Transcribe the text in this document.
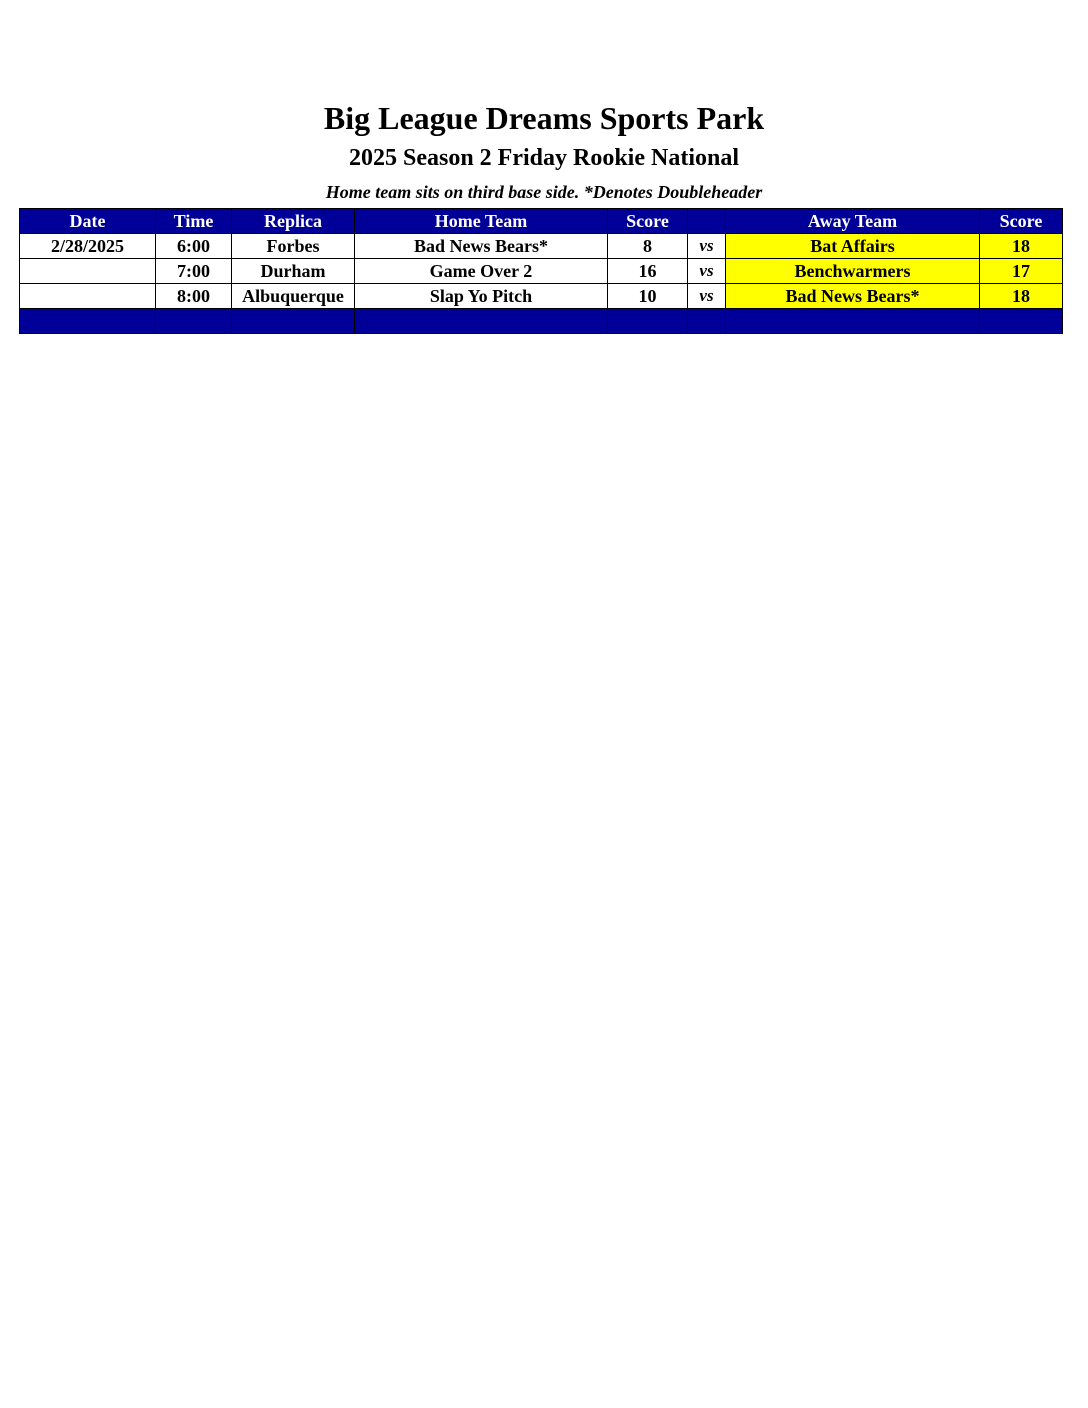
Big League Dreams Sports Park
2025 Season 2 Friday Rookie National
Home team sits on third base side. *Denotes Doubleheader
Date	Time	Replica	Home Team	Score		Away Team	Score
2/28/2025	6:00	Forbes	Bad News Bears*	8	vs	Bat Affairs	18
	7:00	Durham	Game Over 2	16	vs	Benchwarmers	17
	8:00	Albuquerque	Slap Yo Pitch	10	vs	Bad News Bears*	18
